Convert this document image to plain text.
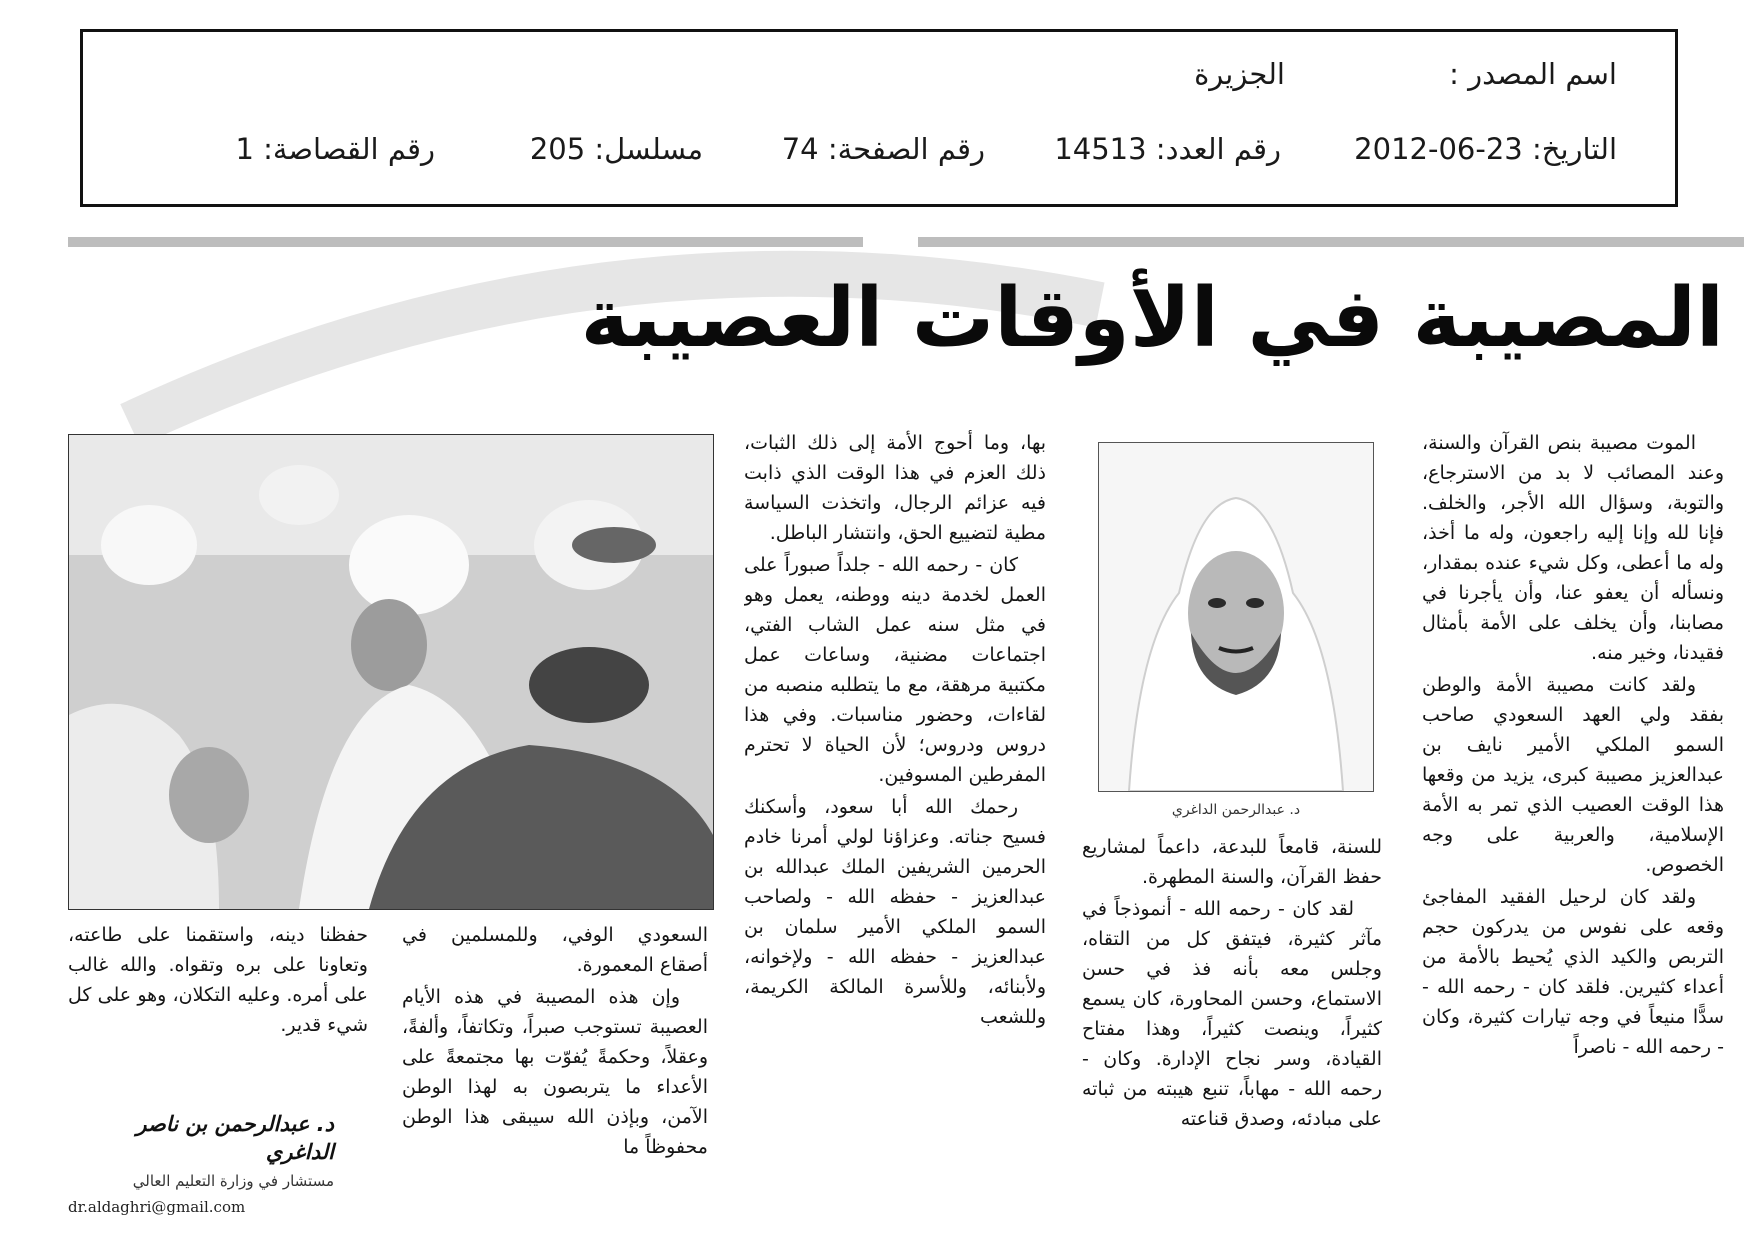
اسم المصدر :
الجزيرة
التاريخ: 23-06-2012
رقم العدد: 14513
رقم الصفحة: 74
مسلسل: 205
رقم القصاصة: 1
المصيبة في الأوقات العصيبة

الموت مصيبة بنص القرآن والسنة، وعند المصائب لا بد من الاسترجاع، والتوبة، وسؤال الله الأجر، والخلف. فإنا لله وإنا إليه راجعون، وله ما أخذ، وله ما أعطى، وكل شيء عنده بمقدار، ونسأله أن يعفو عنا، وأن يأجرنا في مصابنا، وأن يخلف على الأمة بأمثال فقيدنا، وخير منه.

ولقد كانت مصيبة الأمة والوطن بفقد ولي العهد السعودي صاحب السمو الملكي الأمير نايف بن عبدالعزيز مصيبة كبرى، يزيد من وقعها هذا الوقت العصيب الذي تمر به الأمة الإسلامية، والعربية على وجه الخصوص.

ولقد كان لرحيل الفقيد المفاجئ وقعه على نفوس من يدركون حجم التربص والكيد الذي يُحيط بالأمة من أعداء كثيرين. فلقد كان - رحمه الله - سدًّا منيعاً في وجه تيارات كثيرة، وكان - رحمه الله - ناصراً

د. عبدالرحمن الداغري

للسنة، قامعاً للبدعة، داعماً لمشاريع حفظ القرآن، والسنة المطهرة.

لقد كان - رحمه الله - أنموذجاً في مآثر كثيرة، فيتفق كل من التقاه، وجلس معه بأنه فذ في حسن الاستماع، وحسن المحاورة، كان يسمع كثيراً، وينصت كثيراً، وهذا مفتاح القيادة، وسر نجاح الإدارة. وكان - رحمه الله - مهاباً، تنبع هيبته من ثباته على مبادئه، وصدق قناعته

بها، وما أحوج الأمة إلى ذلك الثبات، ذلك العزم في هذا الوقت الذي ذابت فيه عزائم الرجال، واتخذت السياسة مطية لتضييع الحق، وانتشار الباطل.

كان - رحمه الله - جلداً صبوراً على العمل لخدمة دينه ووطنه، يعمل وهو في مثل سنه عمل الشاب الفتي، اجتماعات مضنية، وساعات عمل مكتبية مرهقة، مع ما يتطلبه منصبه من لقاءات، وحضور مناسبات. وفي هذا دروس ودروس؛ لأن الحياة لا تحترم المفرطين المسوفين.

رحمك الله أبا سعود، وأسكنك فسيح جناته. وعزاؤنا لولي أمرنا خادم الحرمين الشريفين الملك عبدالله بن عبدالعزيز - حفظه الله - ولصاحب السمو الملكي الأمير سلمان بن عبدالعزيز - حفظه الله - ولإخوانه، ولأبنائه، وللأسرة المالكة الكريمة، وللشعب

السعودي الوفي، وللمسلمين في أصقاع المعمورة.

وإن هذه المصيبة في هذه الأيام العصيبة تستوجب صبراً، وتكاتفاً، وألفةً، وعقلاً، وحكمةً يُفوّت بها مجتمعةً على الأعداء ما يتربصون به لهذا الوطن الآمن، وبإذن الله سيبقى هذا الوطن محفوظاً ما

حفظنا دينه، واستقمنا على طاعته، وتعاونا على بره وتقواه. والله غالب على أمره. وعليه التكلان، وهو على كل شيء قدير.

د. عبدالرحمن بن ناصر الداغري
مستشار في وزارة التعليم العالي
dr.aldaghri@gmail.com
